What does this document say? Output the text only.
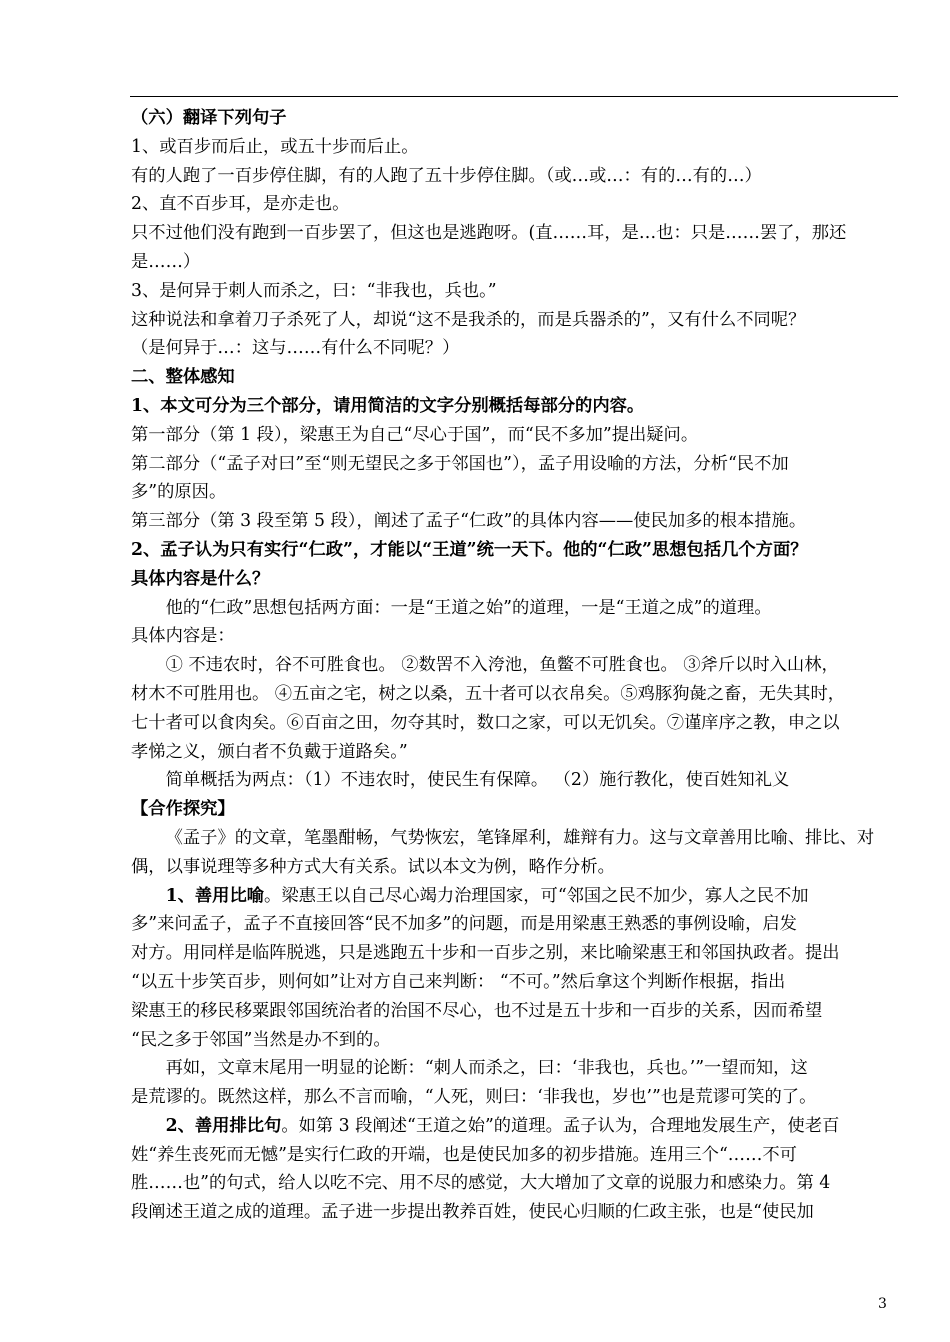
（六）翻译下列句子
1、或百步而后止，或五十步而后止。
有的人跑了一百步停住脚，有的人跑了五十步停住脚。（或…或…：有的…有的…）
2、直不百步耳，是亦走也。
只不过他们没有跑到一百步罢了，但这也是逃跑呀。(直……耳，是…也：只是……罢了，那还
是……）
3、是何异于刺人而杀之，曰：“非我也，兵也。”
这种说法和拿着刀子杀死了人，却说“这不是我杀的，而是兵器杀的”，又有什么不同呢？
（是何异于…：这与……有什么不同呢？）
二、整体感知
1、本文可分为三个部分，请用简洁的文字分别概括每部分的内容。
第一部分（第 1 段），梁惠王为自己“尽心于国”，而“民不多加”提出疑问。
第二部分（“孟子对曰”至“则无望民之多于邻国也”），孟子用设喻的方法，分析“民不加
多”的原因。
第三部分（第 3 段至第 5 段），阐述了孟子“仁政”的具体内容——使民加多的根本措施。
2、孟子认为只有实行“仁政”，才能以“王道”统一天下。他的“仁政”思想包括几个方面？
具体内容是什么？
他的“仁政”思想包括两方面：一是“王道之始”的道理，一是“王道之成”的道理。
具体内容是：
① 不违农时，谷不可胜食也。 ②数罟不入洿池，鱼鳖不可胜食也。 ③斧斤以时入山林，
材木不可胜用也。 ④五亩之宅，树之以桑，五十者可以衣帛矣。⑤鸡豚狗彘之畜，无失其时，
七十者可以食肉矣。⑥百亩之田，勿夺其时，数口之家，可以无饥矣。⑦谨庠序之教，申之以
孝悌之义，颁白者不负戴于道路矣。”
简单概括为两点：（1）不违农时，使民生有保障。 （2）施行教化，使百姓知礼义
【合作探究】
《孟子》的文章，笔墨酣畅，气势恢宏，笔锋犀利，雄辩有力。这与文章善用比喻、排比、对
偶，以事说理等多种方式大有关系。试以本文为例，略作分析。
1、善用比喻。梁惠王以自己尽心竭力治理国家，可“邻国之民不加少，寡人之民不加
多”来问孟子，孟子不直接回答“民不加多”的问题，而是用梁惠王熟悉的事例设喻，启发
对方。用同样是临阵脱逃，只是逃跑五十步和一百步之别，来比喻梁惠王和邻国执政者。提出
“以五十步笑百步，则何如”让对方自己来判断： “不可。”然后拿这个判断作根据，指出
梁惠王的移民移粟跟邻国统治者的治国不尽心，也不过是五十步和一百步的关系，因而希望
“民之多于邻国”当然是办不到的。
再如，文章末尾用一明显的论断：“刺人而杀之，曰：‘非我也，兵也。’”一望而知，这
是荒谬的。既然这样，那么不言而喻，“人死，则曰：‘非我也，岁也’”也是荒谬可笑的了。
2、善用排比句。如第 3 段阐述“王道之始”的道理。孟子认为，合理地发展生产，使老百
姓“养生丧死而无憾”是实行仁政的开端，也是使民加多的初步措施。连用三个“……不可
胜……也”的句式，给人以吃不完、用不尽的感觉，大大增加了文章的说服力和感染力。第 4
段阐述王道之成的道理。孟子进一步提出教养百姓，使民心归顺的仁政主张，也是“使民加
3
